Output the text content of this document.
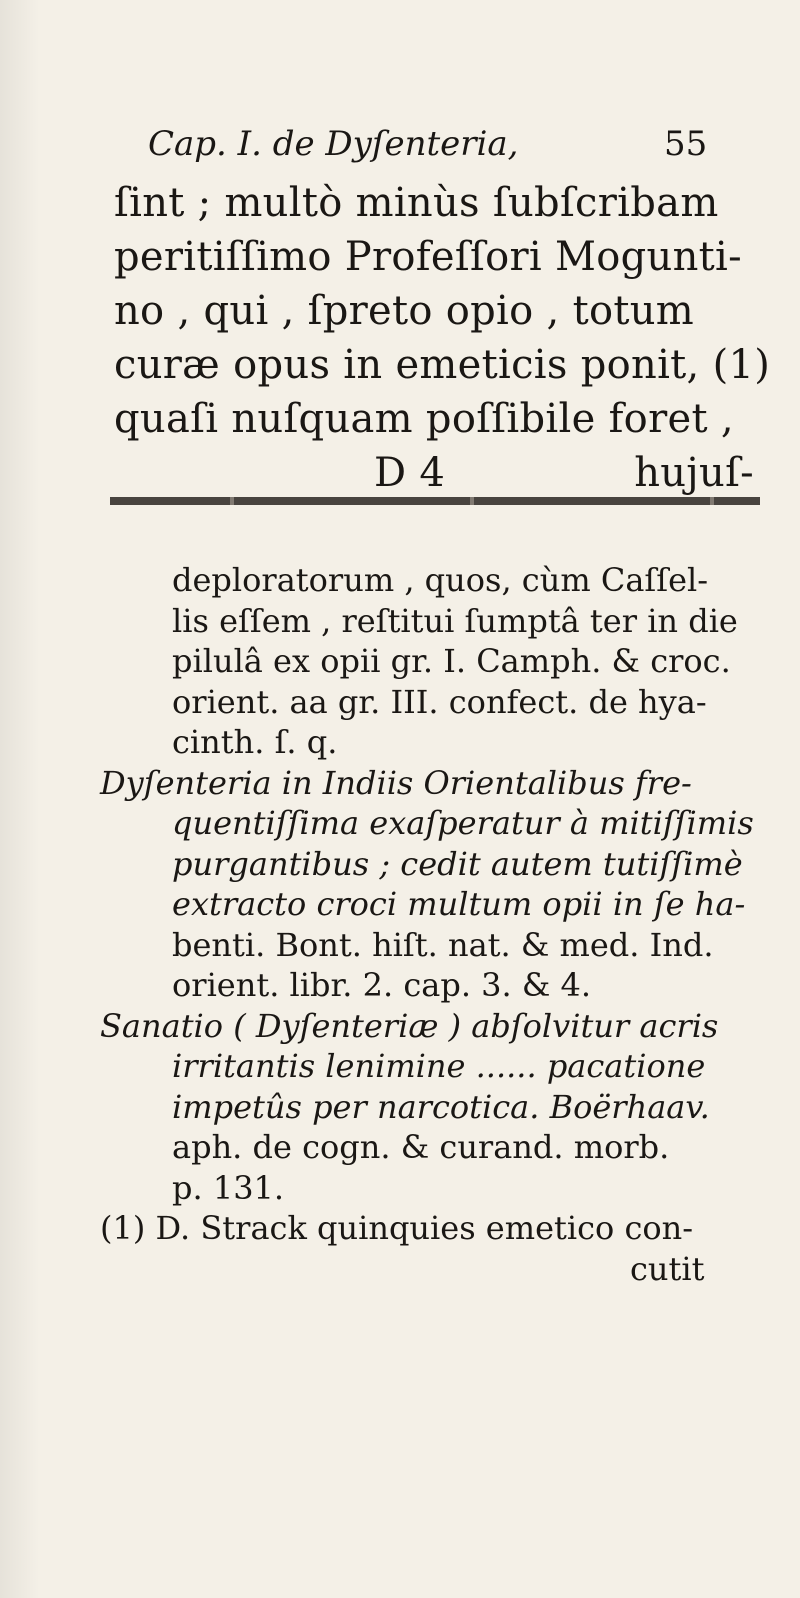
Cap. I. de Dyſenteria,	55
ſint ; multò minùs ſubſcribam
peritiſſimo Profeſſori Mogunti-
no , qui , ſpreto opio , totum
curæ opus in emeticis ponit, (1)
quaſi nuſquam poſſibile foret ,
D 4	hujuſ-
deploratorum , quos, cùm Caſſel-
lis eſſem , reſtitui ſumptâ ter in die
pilulâ ex opii gr. I. Camph. & croc.
orient. aa gr. III. confect. de hya-
cinth. ſ. q.
Dyſenteria in Indiis Orientalibus fre-
quentiſſima exaſperatur à mitiſſimis
purgantibus ; cedit autem tutiſſimè
extracto croci multum opii in ſe ha-
benti. Bont. hiſt. nat. & med. Ind.
orient. libr. 2. cap. 3. & 4.
Sanatio ( Dyſenteriæ ) abſolvitur acris
irritantis lenimine ...... pacatione
impetûs per narcotica. Boërhaav.
aph. de cogn. & curand. morb.
p. 131.
(1) D. Strack quinquies emetico con-
cutit
